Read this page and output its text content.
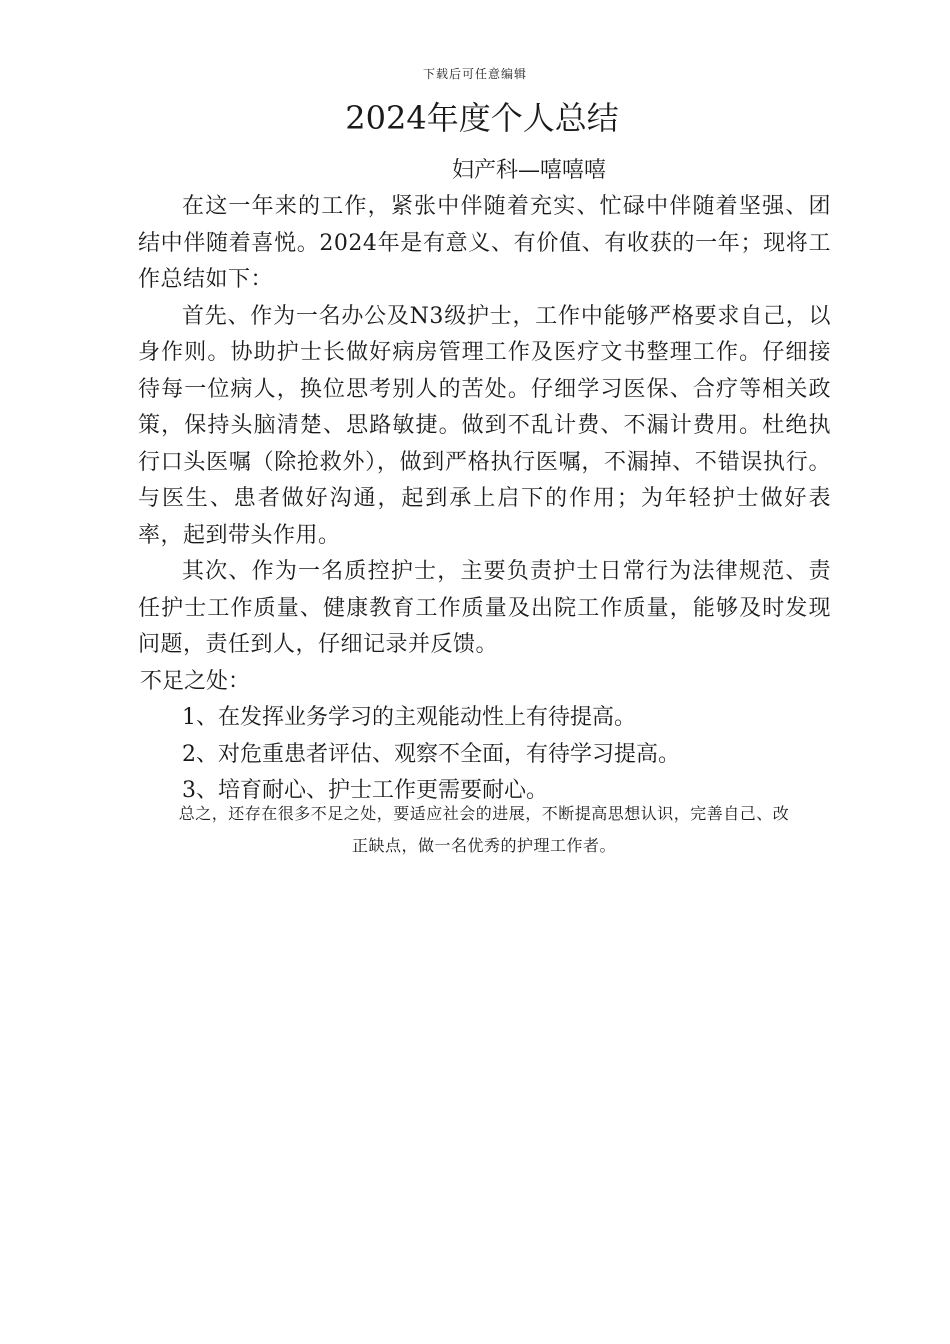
下载后可任意编辑
2024年度个人总结
妇产科—嘻嘻嘻

在这一年来的工作，紧张中伴随着充实、忙碌中伴随着坚强、团结中伴随着喜悦。2024年是有意义、有价值、有收获的一年；现将工作总结如下：

首先、作为一名办公及N3级护士，工作中能够严格要求自己，以身作则。协助护士长做好病房管理工作及医疗文书整理工作。仔细接待每一位病人，换位思考别人的苦处。仔细学习医保、合疗等相关政策，保持头脑清楚、思路敏捷。做到不乱计费、不漏计费用。杜绝执行口头医嘱（除抢救外），做到严格执行医嘱，不漏掉、不错误执行。与医生、患者做好沟通，起到承上启下的作用；为年轻护士做好表率，起到带头作用。

其次、作为一名质控护士，主要负责护士日常行为法律规范、责任护士工作质量、健康教育工作质量及出院工作质量，能够及时发现问题，责任到人，仔细记录并反馈。

不足之处：

1、在发挥业务学习的主观能动性上有待提高。

2、对危重患者评估、观察不全面，有待学习提高。

3、培育耐心、护士工作更需要耐心。

总之，还存在很多不足之处，要适应社会的进展，不断提高思想认识，完善自己、改
正缺点，做一名优秀的护理工作者。
